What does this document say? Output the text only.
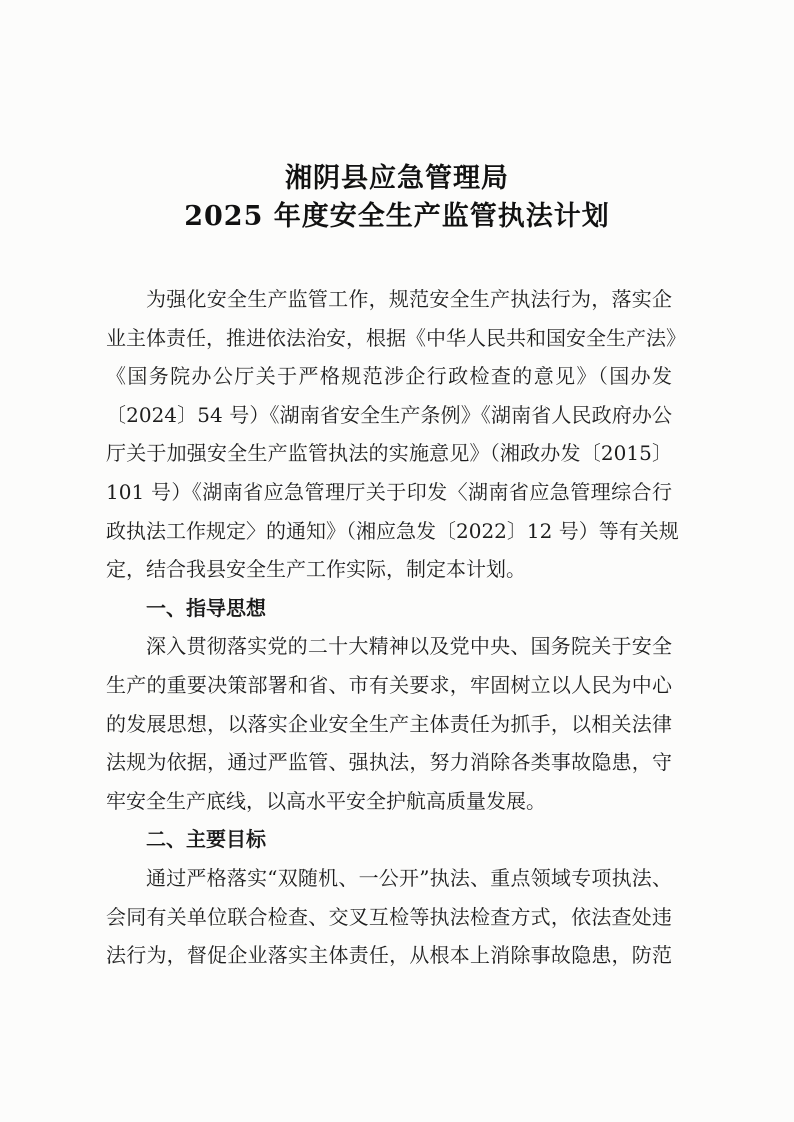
湘阴县应急管理局
2025 年度安全生产监管执法计划
为强化安全生产监管工作，规范安全生产执法行为，落实企
业主体责任，推进依法治安，根据《中华人民共和国安全生产法》
《国务院办公厅关于严格规范涉企行政检查的意见》（国办发
〔2024〕54 号）《湖南省安全生产条例》《湖南省人民政府办公
厅关于加强安全生产监管执法的实施意见》（湘政办发〔2015〕
101 号）《湖南省应急管理厅关于印发〈湖南省应急管理综合行
政执法工作规定〉的通知》（湘应急发〔2022〕12 号）等有关规
定，结合我县安全生产工作实际，制定本计划。
一、指导思想
深入贯彻落实党的二十大精神以及党中央、国务院关于安全
生产的重要决策部署和省、市有关要求，牢固树立以人民为中心
的发展思想，以落实企业安全生产主体责任为抓手，以相关法律
法规为依据，通过严监管、强执法，努力消除各类事故隐患，守
牢安全生产底线，以高水平安全护航高质量发展。
二、主要目标
通过严格落实“双随机、一公开”执法、重点领域专项执法、
会同有关单位联合检查、交叉互检等执法检查方式，依法查处违
法行为，督促企业落实主体责任，从根本上消除事故隐患，防范
